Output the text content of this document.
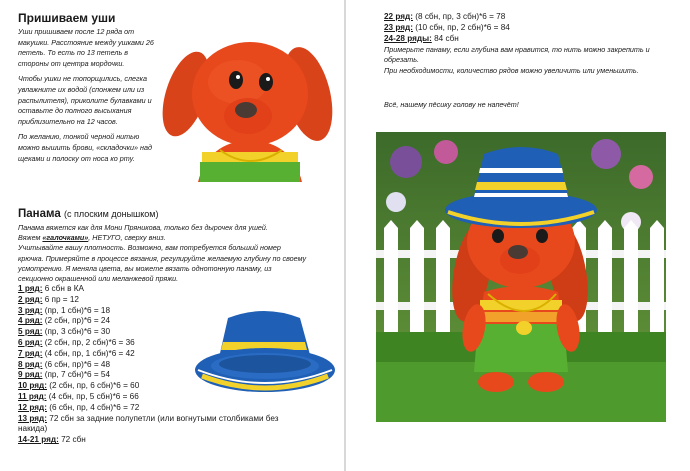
Пришиваем уши

Уши пришиваем после 12 ряда от макушки. Расстояние между ушками 26 петель. То есть по 13 петель в стороны от центра мордочки.

Чтобы ушки не топорщились, слегка увлажните их водой (спонжем или из распылителя), приколите булавками и оставьте до полного высыхания приблизительно на 12 часов.

По желанию, тонкой черной нитью можно вышить брови, «складочки» над щеками и полоску от носа ко рту.

Панама (с плоским донышком)

Панама вяжется как для Мони Пряникова, только без дырочек для ушей.

Вяжем «галочками», НЕТУГО, сверху вниз.

Учитывайте вашу плотность. Возможно, вам потребуется больший номер крючка. Примеряйте в процессе вязания, регулируйте желаемую глубину по своему усмотрению. Я меняла цвета, вы можете вязать однотонную панаму, из секционно окрашенной или меланжевой пряжи.

1 ряд: 6 сбн в КА
2 ряд: 6 пр = 12
3 ряд: (пр, 1 сбн)*6 = 18
4 ряд: (2 сбн, пр)*6 = 24
5 ряд: (пр, 3 сбн)*6 = 30
6 ряд: (2 сбн, пр, 2 сбн)*6 = 36
7 ряд: (4 сбн, пр, 1 сбн)*6 = 42
8 ряд: (6 сбн, пр)*6 = 48
9 ряд: (пр, 7 сбн)*6 = 54
10 ряд: (2 сбн, пр, 6 сбн)*6 = 60
11 ряд: (4 сбн, пр, 5 сбн)*6 = 66
12 ряд: (6 сбн, пр, 4 сбн)*6 = 72
13 ряд: 72 сбн за задние полупетли (или вогнутыми столбиками без накида)
14-21 ряд: 72 сбн
22 ряд: (8 сбн, пр, 3 сбн)*6 = 78
23 ряд: (10 сбн, пр, 2 сбн)*6 = 84
24-28 ряды: 84 сбн

Примерьте панаму, если глубина вам нравится, то нить можно закрепить и обрезать.

При необходимости, количество рядов можно увеличить или уменьшить.

Всё, нашему пёсику голову не напечёт!
